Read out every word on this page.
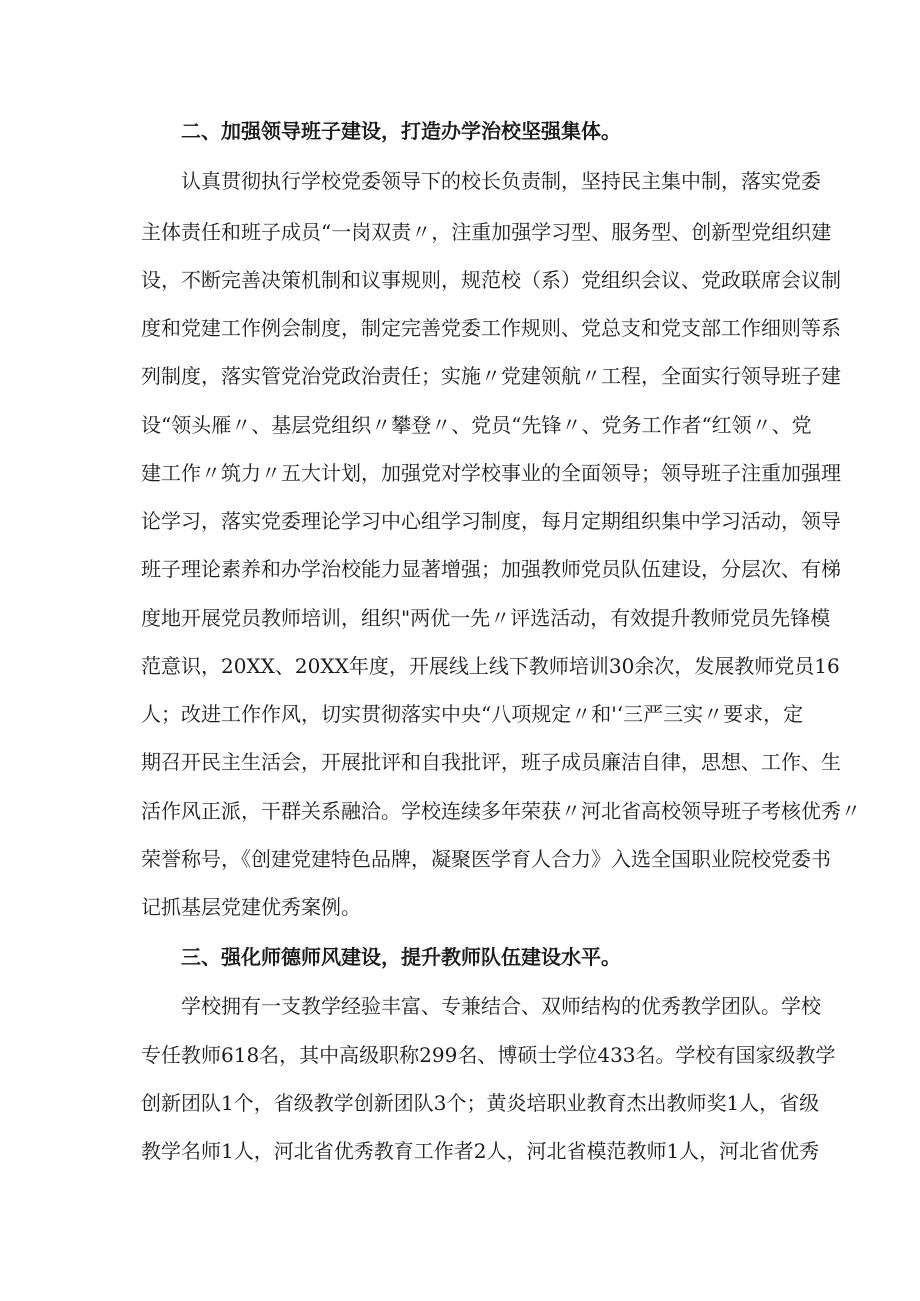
二、加强领导班子建设，打造办学治校坚强集体。
认真贯彻执行学校党委领导下的校长负责制，坚持民主集中制，落实党委
主体责任和班子成员“一岗双责〃，注重加强学习型、服务型、创新型党组织建
设，不断完善决策机制和议事规则，规范校（系）党组织会议、党政联席会议制
度和党建工作例会制度，制定完善党委工作规则、党总支和党支部工作细则等系
列制度，落实管党治党政治责任；实施〃党建领航〃工程，全面实行领导班子建
设“领头雁〃、基层党组织〃攀登〃、党员“先锋〃、党务工作者“红领〃、党
建工作〃筑力〃五大计划，加强党对学校事业的全面领导；领导班子注重加强理
论学习，落实党委理论学习中心组学习制度，每月定期组织集中学习活动，领导
班子理论素养和办学治校能力显著增强；加强教师党员队伍建设，分层次、有梯
度地开展党员教师培训，组织"两优一先〃评选活动，有效提升教师党员先锋模
范意识，20XX、20XX年度，开展线上线下教师培训30余次，发展教师党员16
人；改进工作作风，切实贯彻落实中央“八项规定〃和'‘三严三实〃要求，定
期召开民主生活会，开展批评和自我批评，班子成员廉洁自律，思想、工作、生
活作风正派，干群关系融洽。学校连续多年荣获〃河北省高校领导班子考核优秀〃
荣誉称号，《创建党建特色品牌，凝聚医学育人合力》入选全国职业院校党委书
记抓基层党建优秀案例。
三、强化师德师风建设，提升教师队伍建设水平。
学校拥有一支教学经验丰富、专兼结合、双师结构的优秀教学团队。学校
专任教师618名，其中高级职称299名、博硕士学位433名。学校有国家级教学
创新团队1个，省级教学创新团队3个；黄炎培职业教育杰出教师奖1人，省级
教学名师1人，河北省优秀教育工作者2人，河北省模范教师1人，河北省优秀
